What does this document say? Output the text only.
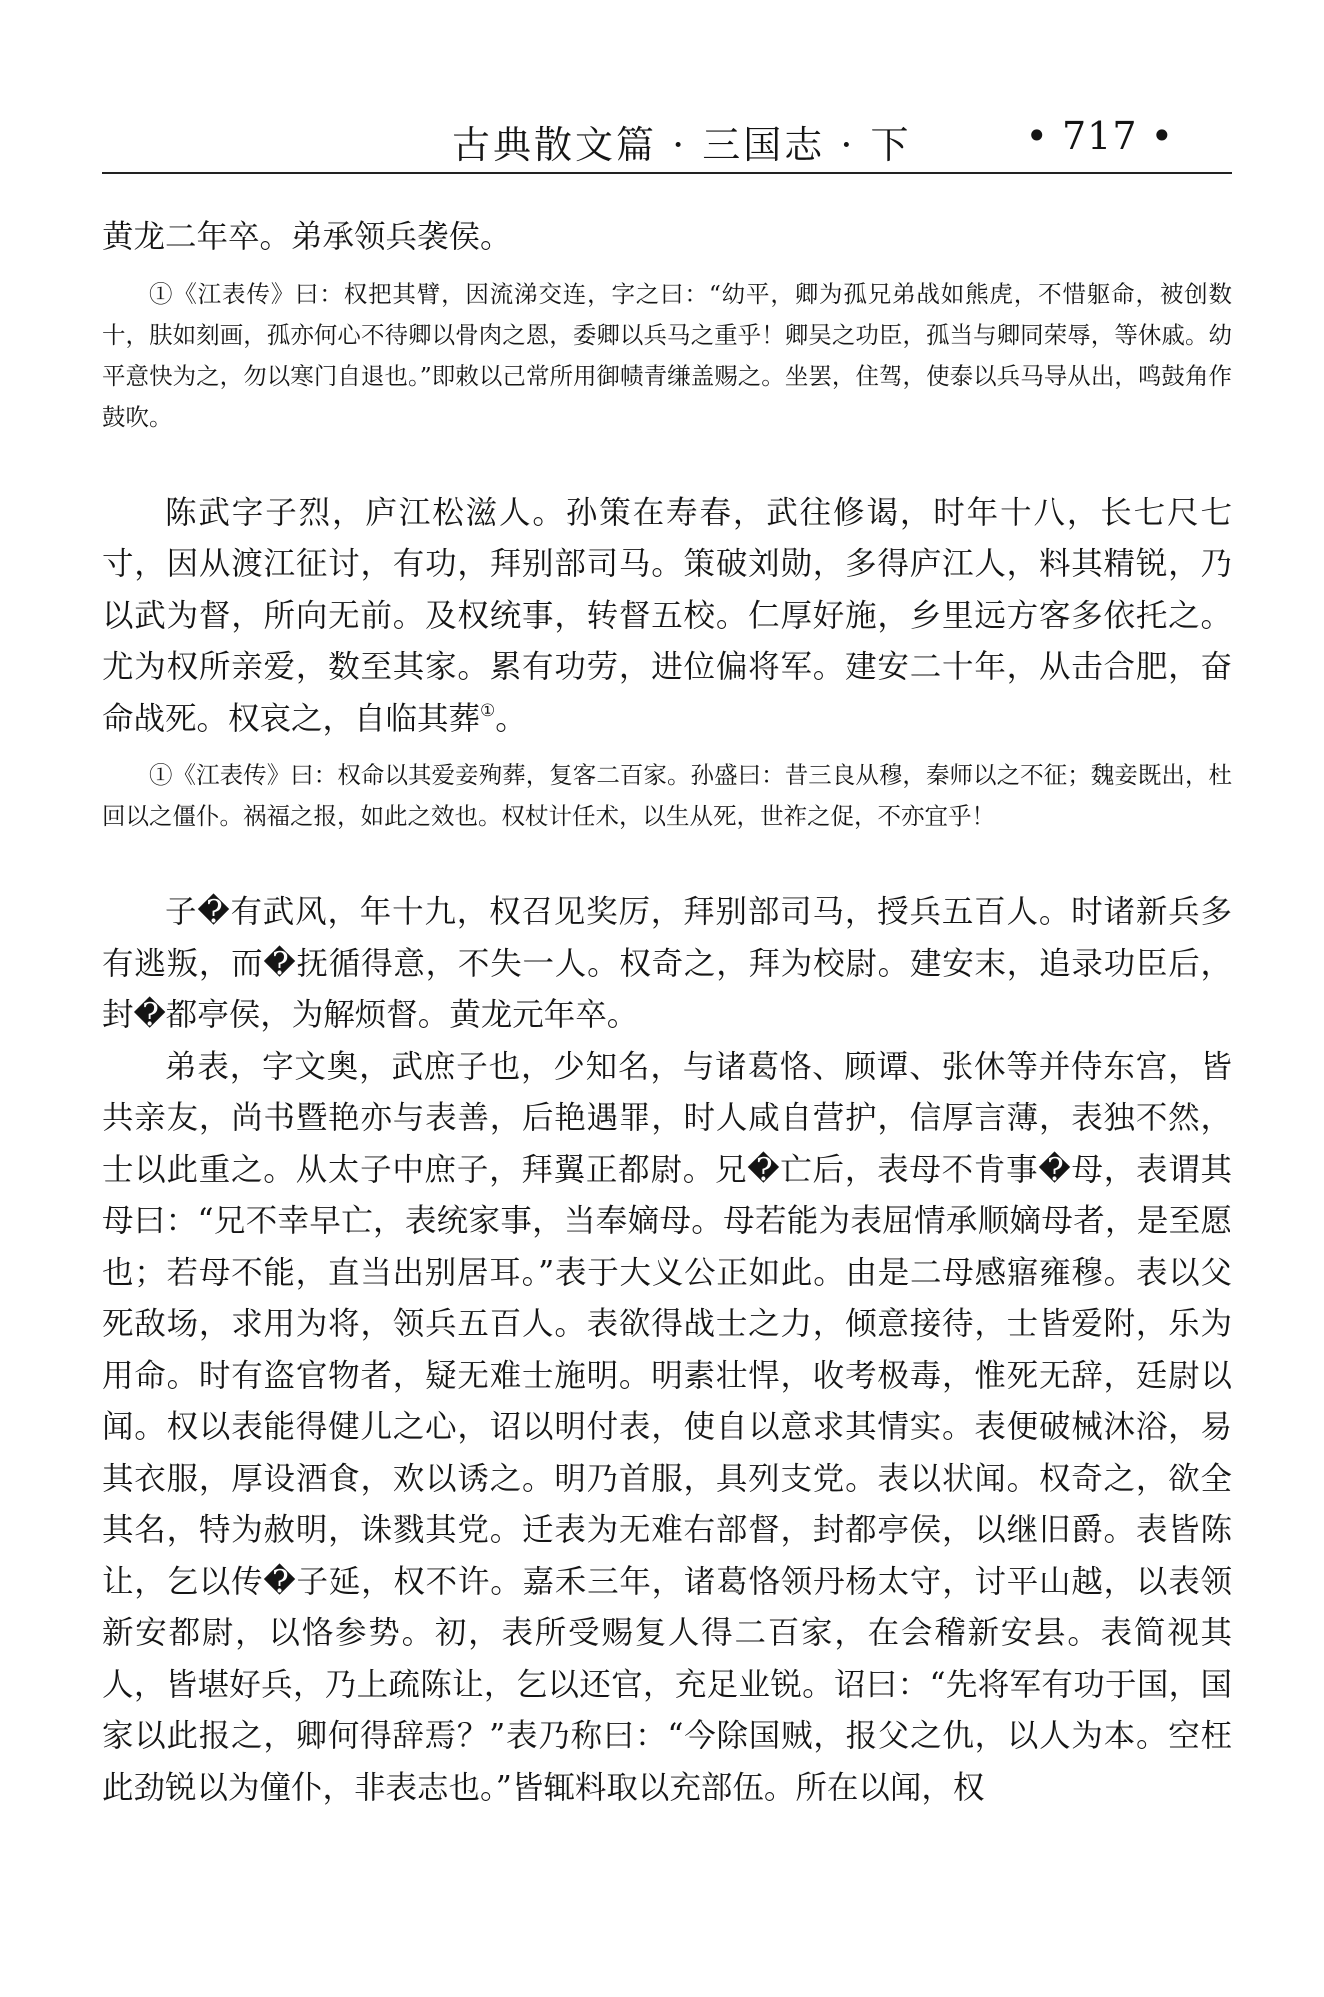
古典散文篇 · 三国志 · 下	• 717 •

黄龙二年卒。弟承领兵袭侯。

①《江表传》曰：权把其臂，因流涕交连，字之曰：“幼平，卿为孤兄弟战如熊虎，不惜躯命，被创数十，肤如刻画，孤亦何心不待卿以骨肉之恩，委卿以兵马之重乎！卿吴之功臣，孤当与卿同荣辱，等休戚。幼平意快为之，勿以寒门自退也。”即敕以己常所用御帻青缣盖赐之。坐罢，住驾，使泰以兵马导从出，鸣鼓角作鼓吹。

陈武字子烈，庐江松滋人。孙策在寿春，武往修谒，时年十八，长七尺七寸，因从渡江征讨，有功，拜别部司马。策破刘勋，多得庐江人，料其精锐，乃以武为督，所向无前。及权统事，转督五校。仁厚好施，乡里远方客多依托之。尤为权所亲爱，数至其家。累有功劳，进位偏将军。建安二十年，从击合肥，奋命战死。权哀之，自临其葬①。

①《江表传》曰：权命以其爱妾殉葬，复客二百家。孙盛曰：昔三良从穆，秦师以之不征；魏妾既出，杜回以之僵仆。祸福之报，如此之效也。权杖计任术，以生从死，世祚之促，不亦宜乎！

子�有武风，年十九，权召见奖厉，拜别部司马，授兵五百人。时诸新兵多有逃叛，而�抚循得意，不失一人。权奇之，拜为校尉。建安末，追录功臣后，封�都亭侯，为解烦督。黄龙元年卒。

弟表，字文奥，武庶子也，少知名，与诸葛恪、顾谭、张休等并侍东宫，皆共亲友，尚书暨艳亦与表善，后艳遇罪，时人咸自营护，信厚言薄，表独不然，士以此重之。从太子中庶子，拜翼正都尉。兄�亡后，表母不肯事�母，表谓其母曰：“兄不幸早亡，表统家事，当奉嫡母。母若能为表屈情承顺嫡母者，是至愿也；若母不能，直当出别居耳。”表于大义公正如此。由是二母感寤雍穆。表以父死敌场，求用为将，领兵五百人。表欲得战士之力，倾意接待，士皆爱附，乐为用命。时有盗官物者，疑无难士施明。明素壮悍，收考极毒，惟死无辞，廷尉以闻。权以表能得健儿之心，诏以明付表，使自以意求其情实。表便破械沐浴，易其衣服，厚设酒食，欢以诱之。明乃首服，具列支党。表以状闻。权奇之，欲全其名，特为赦明，诛戮其党。迁表为无难右部督，封都亭侯，以继旧爵。表皆陈让，乞以传�子延，权不许。嘉禾三年，诸葛恪领丹杨太守，讨平山越，以表领新安都尉，以恪参势。初，表所受赐复人得二百家，在会稽新安县。表简视其人，皆堪好兵，乃上疏陈让，乞以还官，充足业锐。诏曰：“先将军有功于国，国家以此报之，卿何得辞焉？”表乃称曰：“今除国贼，报父之仇，以人为本。空枉此劲锐以为僮仆，非表志也。”皆辄料取以充部伍。所在以闻，权
